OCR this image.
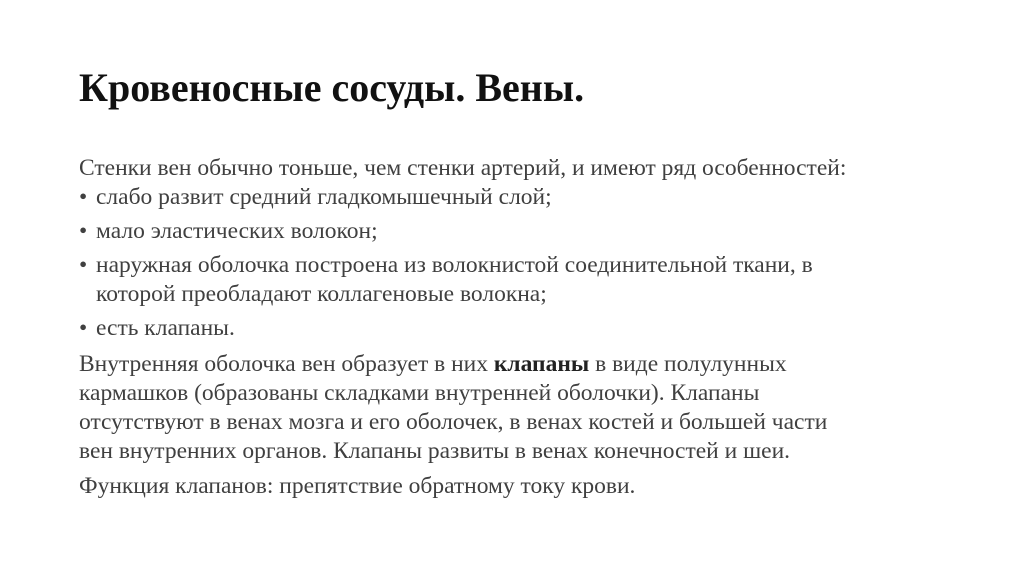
Кровеносные сосуды. Вены.

Стенки вен обычно тоньше, чем стенки артерий, и имеют ряд особенностей:

• слабо развит средний гладкомышечный слой;
• мало эластических волокон;
• наружная оболочка построена из волокнистой соединительной ткани, в
которой преобладают коллагеновые волокна;
• есть клапаны.

Внутренняя оболочка вен образует в них клапаны в виде полулунных
кармашков (образованы складками внутренней оболочки). Клапаны
отсутствуют в венах мозга и его оболочек, в венах костей и большей части
вен внутренних органов. Клапаны развиты в венах конечностей и шеи.

Функция клапанов: препятствие обратному току крови.
